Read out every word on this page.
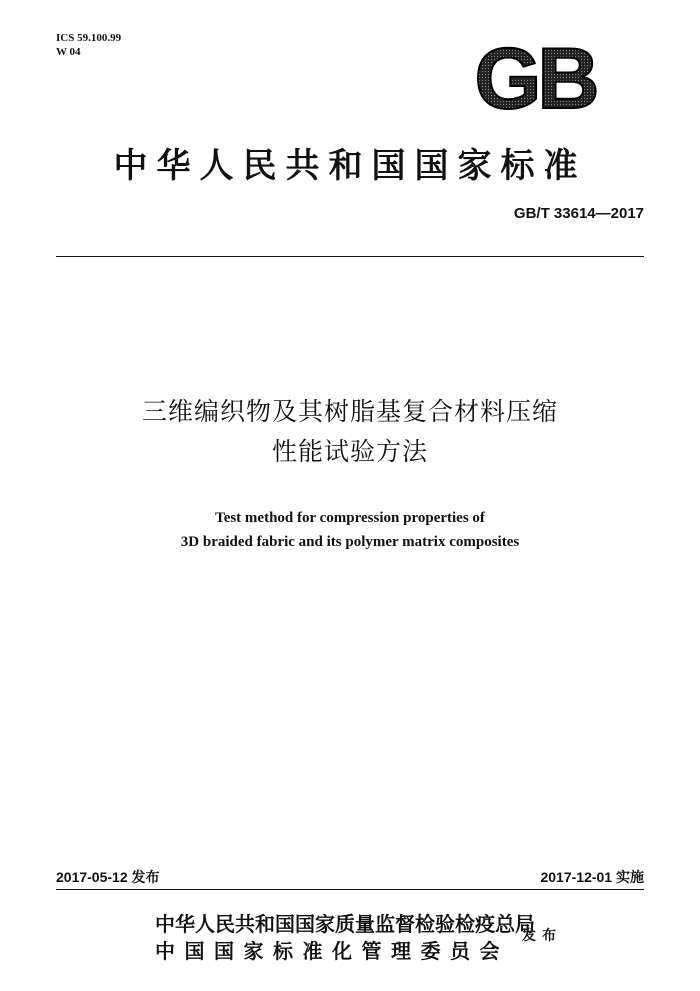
ICS 59.100.99
W 04	GB
中华人民共和国国家标准
GB/T 33614—2017
三维编织物及其树脂基复合材料压缩
性能试验方法
Test method for compression properties of
3D braided fabric and its polymer matrix composites
2017-05-12 发布	2017-12-01 实施
中华人民共和国国家质量监督检验检疫总局
中国国家标准化管理委员会
发布
